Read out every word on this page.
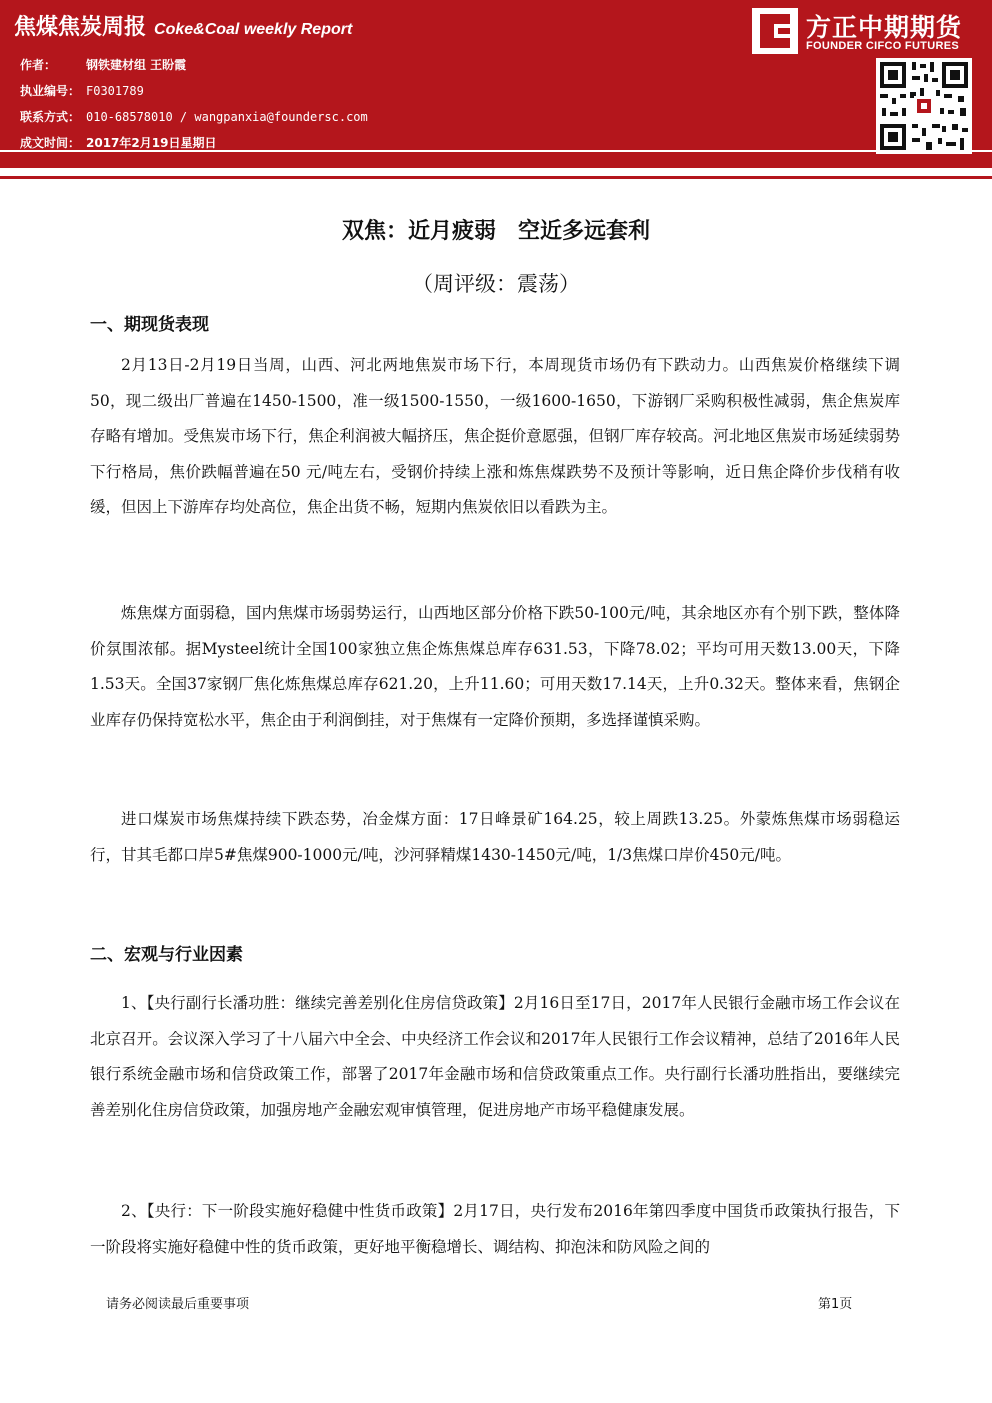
焦煤焦炭周报 Coke&Coal weekly Report
作者： 钢铁建材组 王盼霞
执业编号： F0301789
联系方式： 010-68578010 / wangpanxia@foundersc.com
成文时间： 2017年2月19日星期日
方正中期期货
FOUNDER CIFCO FUTURES
双焦：近月疲弱　空近多远套利
（周评级：震荡）
一、期现货表现

2月13日-2月19日当周，山西、河北两地焦炭市场下行，本周现货市场仍有下跌动力。山西焦炭价格继续下调50，现二级出厂普遍在1450-1500，准一级1500-1550，一级1600-1650，下游钢厂采购积极性减弱，焦企焦炭库存略有增加。受焦炭市场下行，焦企利润被大幅挤压，焦企挺价意愿强，但钢厂库存较高。河北地区焦炭市场延续弱势下行格局，焦价跌幅普遍在50 元/吨左右，受钢价持续上涨和炼焦煤跌势不及预计等影响，近日焦企降价步伐稍有收缓，但因上下游库存均处高位，焦企出货不畅，短期内焦炭依旧以看跌为主。

炼焦煤方面弱稳，国内焦煤市场弱势运行，山西地区部分价格下跌50-100元/吨，其余地区亦有个别下跌，整体降价氛围浓郁。据Mysteel统计全国100家独立焦企炼焦煤总库存631.53，下降78.02；平均可用天数13.00天，下降1.53天。全国37家钢厂焦化炼焦煤总库存621.20，上升11.60；可用天数17.14天，上升0.32天。整体来看，焦钢企业库存仍保持宽松水平，焦企由于利润倒挂，对于焦煤有一定降价预期，多选择谨慎采购。

进口煤炭市场焦煤持续下跌态势，冶金煤方面：17日峰景矿164.25，较上周跌13.25。外蒙炼焦煤市场弱稳运行，甘其毛都口岸5#焦煤900-1000元/吨，沙河驿精煤1430-1450元/吨，1/3焦煤口岸价450元/吨。

二、宏观与行业因素

1、【央行副行长潘功胜：继续完善差别化住房信贷政策】2月16日至17日，2017年人民银行金融市场工作会议在北京召开。会议深入学习了十八届六中全会、中央经济工作会议和2017年人民银行工作会议精神，总结了2016年人民银行系统金融市场和信贷政策工作，部署了2017年金融市场和信贷政策重点工作。央行副行长潘功胜指出，要继续完善差别化住房信贷政策，加强房地产金融宏观审慎管理，促进房地产市场平稳健康发展。

2、【央行：下一阶段实施好稳健中性货币政策】2月17日，央行发布2016年第四季度中国货币政策执行报告，下一阶段将实施好稳健中性的货币政策，更好地平衡稳增长、调结构、抑泡沫和防风险之间的

请务必阅读最后重要事项	第1页
